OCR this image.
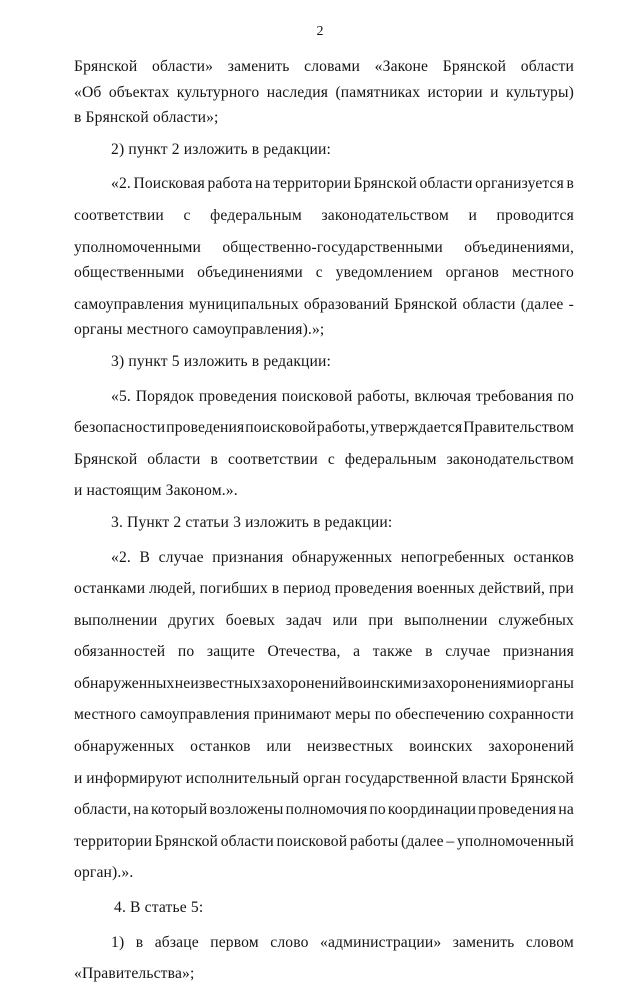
2
Брянской области» заменить словами «Законе Брянской области
«Об объектах культурного наследия (памятниках истории и культуры)
в Брянской области»;
2) пункт 2 изложить в редакции:
«2. Поисковая работа на территории Брянской области организуется в
соответствии с федеральным законодательством и проводится
уполномоченными общественно-государственными объединениями,
общественными объединениями с уведомлением органов местного
самоуправления муниципальных образований Брянской области (далее -
органы местного самоуправления).»;
3) пункт 5 изложить в редакции:
«5. Порядок проведения поисковой работы, включая требования по
безопасности проведения поисковой работы, утверждается Правительством
Брянской области в соответствии с федеральным законодательством
и настоящим Законом.».
3. Пункт 2 статьи 3 изложить в редакции:
«2. В случае признания обнаруженных непогребенных останков
останками людей, погибших в период проведения военных действий, при
выполнении других боевых задач или при выполнении служебных
обязанностей по защите Отечества, а также в случае признания
обнаруженных неизвестных захоронений воинскими захоронениями органы
местного самоуправления принимают меры по обеспечению сохранности
обнаруженных останков или неизвестных воинских захоронений
и информируют исполнительный орган государственной власти Брянской
области, на который возложены полномочия по координации проведения на
территории Брянской области поисковой работы (далее – уполномоченный
орган).».
4. В статье 5:
1) в абзаце первом слово «администрации» заменить словом
«Правительства»;
